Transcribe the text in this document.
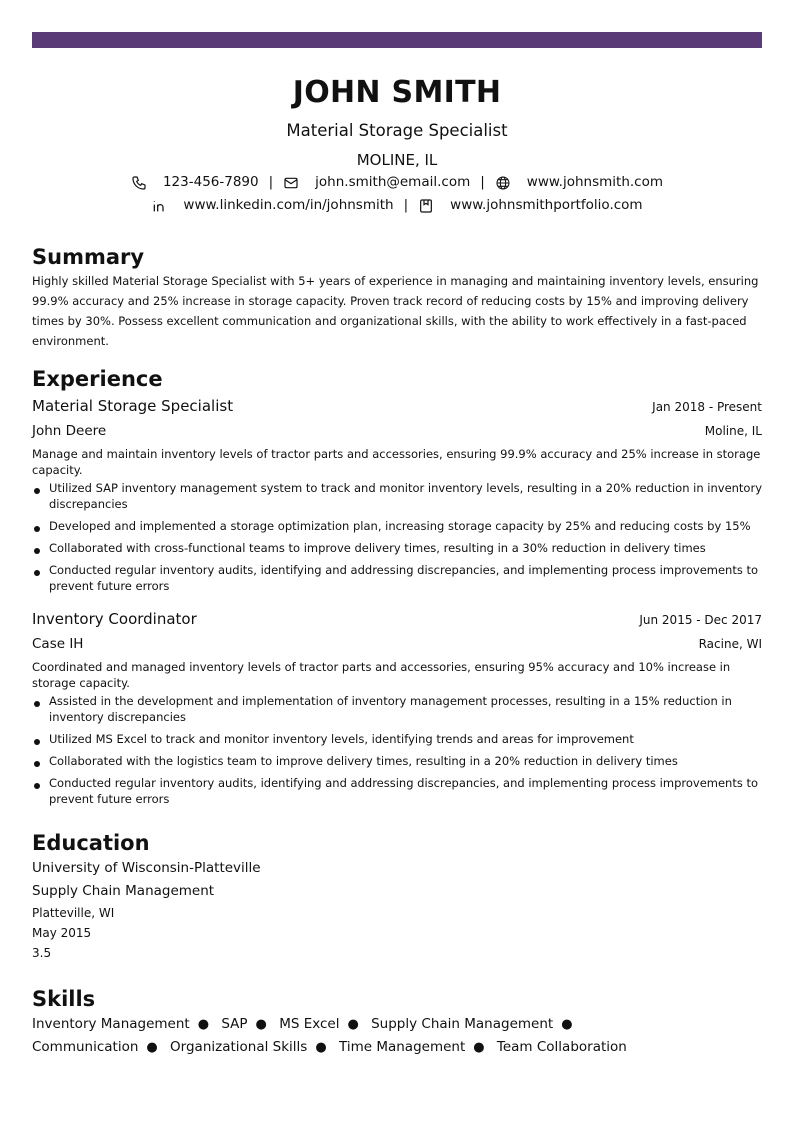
JOHN SMITH
Material Storage Specialist
MOLINE, IL
123-456-7890 |	john.smith@email.com |	www.johnsmith.com
www.linkedin.com/in/johnsmith |	www.johnsmithportfolio.com
Summary

Highly skilled Material Storage Specialist with 5+ years of experience in managing and maintaining inventory levels, ensuring 99.9% accuracy and 25% increase in storage capacity. Proven track record of reducing costs by 15% and improving delivery times by 30%. Possess excellent communication and organizational skills, with the ability to work effectively in a fast-paced environment.

Experience
Material Storage Specialist	Jan 2018 - Present
John Deere	Moline, IL
Manage and maintain inventory levels of tractor parts and accessories, ensuring 99.9% accuracy and 25% increase in storage capacity.
Utilized SAP inventory management system to track and monitor inventory levels, resulting in a 20% reduction in inventory discrepancies
Developed and implemented a storage optimization plan, increasing storage capacity by 25% and reducing costs by 15%
Collaborated with cross-functional teams to improve delivery times, resulting in a 30% reduction in delivery times
Conducted regular inventory audits, identifying and addressing discrepancies, and implementing process improvements to prevent future errors
Inventory Coordinator	Jun 2015 - Dec 2017
Case IH	Racine, WI
Coordinated and managed inventory levels of tractor parts and accessories, ensuring 95% accuracy and 10% increase in storage capacity.
Assisted in the development and implementation of inventory management processes, resulting in a 15% reduction in inventory discrepancies
Utilized MS Excel to track and monitor inventory levels, identifying trends and areas for improvement
Collaborated with the logistics team to improve delivery times, resulting in a 20% reduction in delivery times
Conducted regular inventory audits, identifying and addressing discrepancies, and implementing process improvements to prevent future errors
Education
University of Wisconsin-Platteville
Supply Chain Management
Platteville, WI
May 2015
3.5
Skills
Inventory Management ● SAP ● MS Excel ● Supply Chain Management ● Communication ● Organizational Skills ● Time Management ● Team Collaboration
